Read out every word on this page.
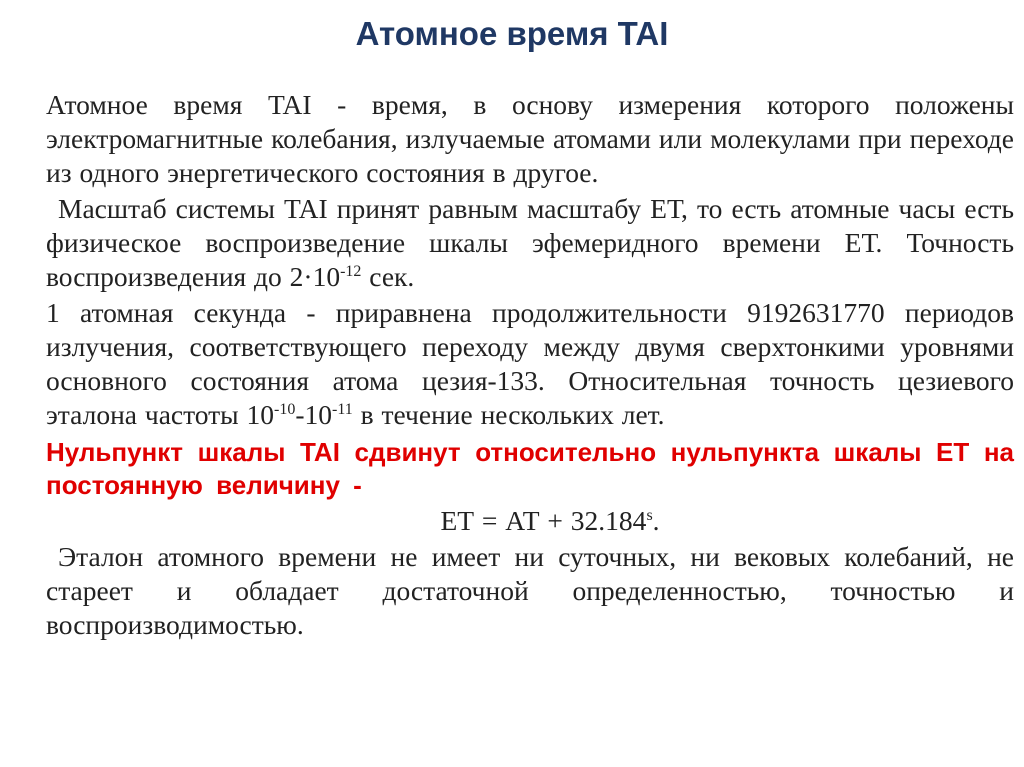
Атомное время TAI

Атомное время TAI - время, в основу измерения которого положены электромагнитные колебания, излучаемые атомами или молекулами при переходе из одного энергетического состояния в другое.

Масштаб системы TAI принят равным масштабу ЕТ, то есть атомные часы есть физическое воспроизведение шкалы эфемеридного времени ЕТ. Точность воспроизведения до $2\cdot 10^{-12}$ сек.

1 атомная секунда - приравнена продолжительности 9192631770 периодов излучения, соответствующего переходу между двумя сверхтонкими уровнями основного состояния атома цезия-133. Относительная точность цезиевого эталона частоты $10^{-10}-10^{-11}$ в течение нескольких лет.

Нульпункт шкалы TAI сдвинут относительно нульпункта шкалы ЕТ на постоянную величину -

ЕТ = АТ + $32.184^s$.

Эталон атомного времени не имеет ни суточных, ни вековых колебаний, не стареет и обладает достаточной определенностью, точностью и воспроизводимостью.
